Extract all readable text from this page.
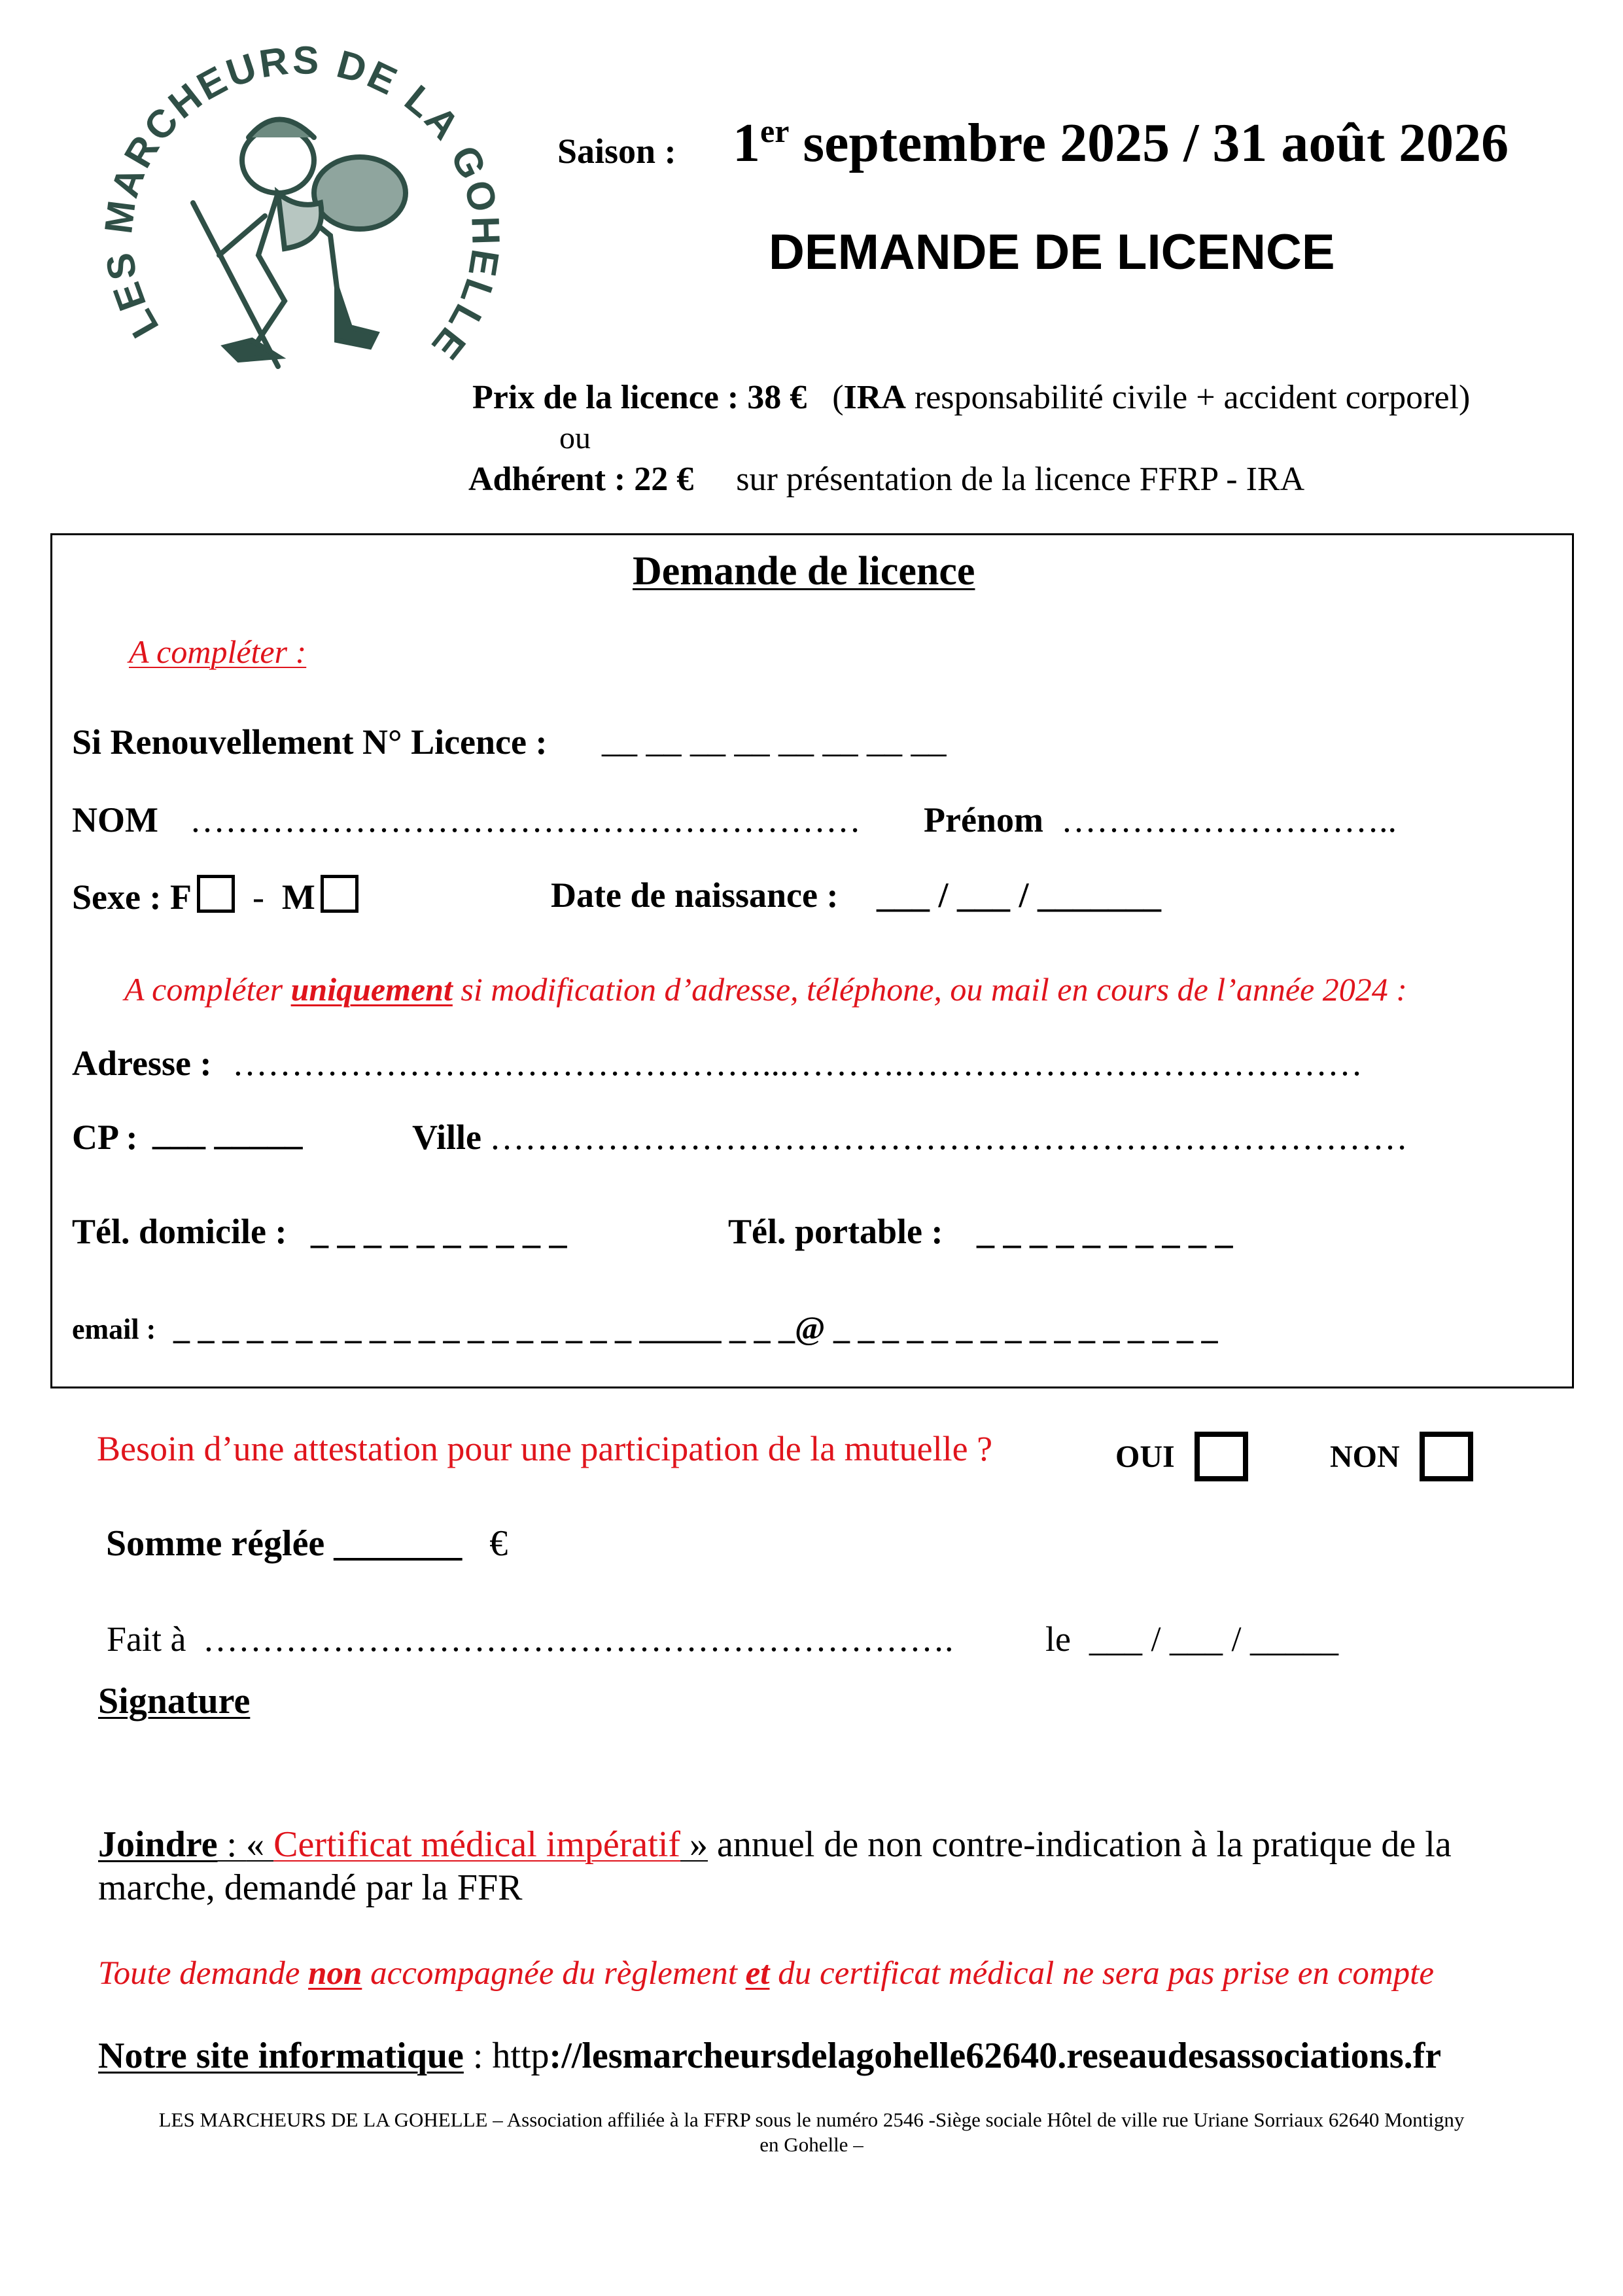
LES MARCHEURS DE LA GOHELLE
Saison : 1er septembre 2025 / 31 août 2026
DEMANDE DE LICENCE
Prix de la licence : 38 € (IRA responsabilité civile + accident corporel)
ou
Adhérent : 22 € sur présentation de la licence FFRP - IRA
Demande de licence
A compléter :
Si Renouvellement N° Licence : __ __ __ __ __ __ __ __
NOM ………………………………………………… Prénom ………………………..
Sexe : F - M	Date de naissance : ___ / ___ / _______
A compléter uniquement si modification d’adresse, téléphone, ou mail en cours de l’année 2024 :
Adresse : ………………………………………...……….…………………………………
CP : ___ _____	Ville ……………………………………………………………………
Tél. domicile : _ _ _ _ _ _ _ _ _ _	Tél. portable : _ _ _ _ _ _ _ _ _ _
email : _ _ _ _ _ _ _ _ _ _ _ _ _ _ _ _ _ _ _ _____ _ _ _@ _ _ _ _ _ _ _ _ _ _ _ _ _ _ _ _
Besoin d’une attestation pour une participation de la mutuelle ?	OUI	NON
Somme réglée _______ €
Fait à ……………………………………………………….	le ___ / ___ / _____
Signature
Joindre : « Certificat médical impératif » annuel de non contre-indication à la pratique de la
marche, demandé par la FFR
Toute demande non accompagnée du règlement et du certificat médical ne sera pas prise en compte
Notre site informatique : http://lesmarcheursdelagohelle62640.reseaudesassociations.fr
LES MARCHEURS DE LA GOHELLE – Association affiliée à la FFRP sous le numéro 2546 -Siège sociale Hôtel de ville rue Uriane Sorriaux 62640 Montigny
en Gohelle –
